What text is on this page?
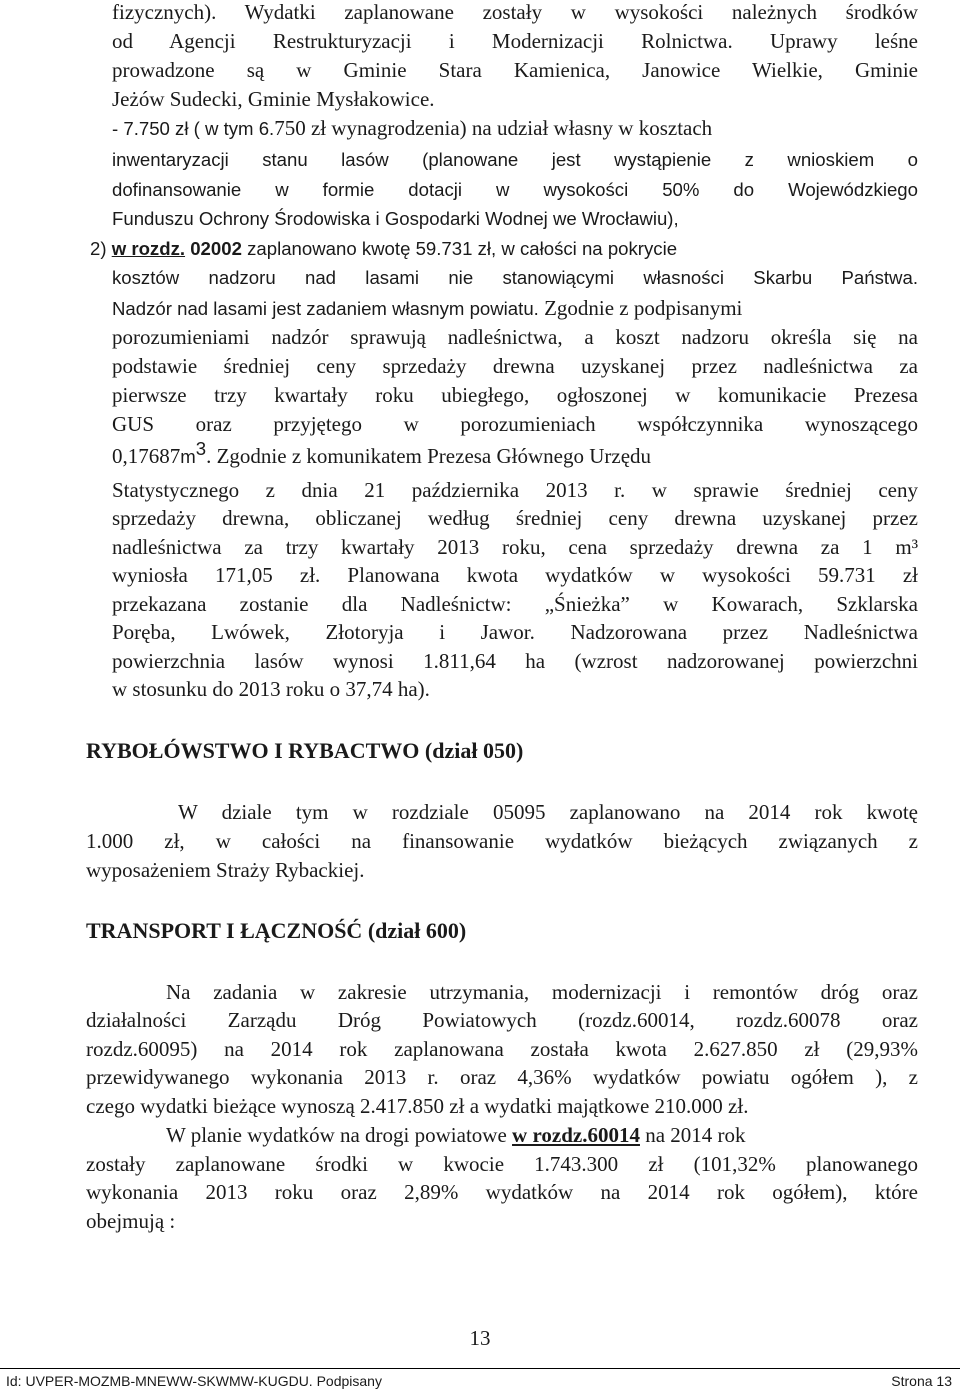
fizycznych). Wydatki zaplanowane zostały w wysokości należnych środków
od Agencji Restrukturyzacji i Modernizacji Rolnictwa. Uprawy leśne
prowadzone są w Gminie Stara Kamienica, Janowice Wielkie, Gminie
Jeżów Sudecki, Gminie Mysłakowice.
- 7.750 zł ( w tym 6.750 zł wynagrodzenia) na udział własny w kosztach
inwentaryzacji stanu lasów (planowane jest wystąpienie z wnioskiem o
dofinansowanie w formie dotacji w wysokości 50% do Wojewódzkiego
Funduszu Ochrony Środowiska i Gospodarki Wodnej we Wrocławiu),
2) w rozdz. 02002 zaplanowano kwotę 59.731 zł, w całości na pokrycie
kosztów nadzoru nad lasami nie stanowiącymi własności Skarbu Państwa.
Nadzór nad lasami jest zadaniem własnym powiatu. Zgodnie z podpisanymi
porozumieniami nadzór sprawują nadleśnictwa, a koszt nadzoru określa się na
podstawie średniej ceny sprzedaży drewna uzyskanej przez nadleśnictwa za
pierwsze trzy kwartały roku ubiegłego, ogłoszonej w komunikacie Prezesa
GUS oraz przyjętego w porozumieniach współczynnika wynoszącego
$0,17687m^3$. Zgodnie z komunikatem Prezesa Głównego Urzędu
Statystycznego z dnia 21 października 2013 r. w sprawie średniej ceny
sprzedaży drewna, obliczanej według średniej ceny drewna uzyskanej przez
nadleśnictwa za trzy kwartały 2013 roku, cena sprzedaży drewna za 1 m³
wyniosła 171,05 zł. Planowana kwota wydatków w wysokości 59.731 zł
przekazana zostanie dla Nadleśnictw: „Śnieżka” w Kowarach, Szklarska
Poręba, Lwówek, Złotoryja i Jawor. Nadzorowana przez Nadleśnictwa
powierzchnia lasów wynosi 1.811,64 ha (wzrost nadzorowanej powierzchni
w stosunku do 2013 roku o 37,74 ha).
RYBOŁÓWSTWO I RYBACTWO (dział 050)
W dziale tym w rozdziale 05095 zaplanowano na 2014 rok kwotę
1.000 zł, w całości na finansowanie wydatków bieżących związanych z
wyposażeniem Straży Rybackiej.
TRANSPORT I ŁĄCZNOŚĆ (dział 600)
Na zadania w zakresie utrzymania, modernizacji i remontów dróg oraz
działalności Zarządu Dróg Powiatowych (rozdz.60014, rozdz.60078 oraz
rozdz.60095) na 2014 rok zaplanowana została kwota 2.627.850 zł (29,93%
przewidywanego wykonania 2013 r. oraz 4,36% wydatków powiatu ogółem ), z
czego wydatki bieżące wynoszą 2.417.850 zł a wydatki majątkowe 210.000 zł.
W planie wydatków na drogi powiatowe w rozdz.60014 na 2014 rok
zostały zaplanowane środki w kwocie 1.743.300 zł (101,32% planowanego
wykonania 2013 roku oraz 2,89% wydatków na 2014 rok ogółem), które
obejmują :
13
Id: UVPER-MOZMB-MNEWW-SKWMW-KUGDU. Podpisany	Strona 13
